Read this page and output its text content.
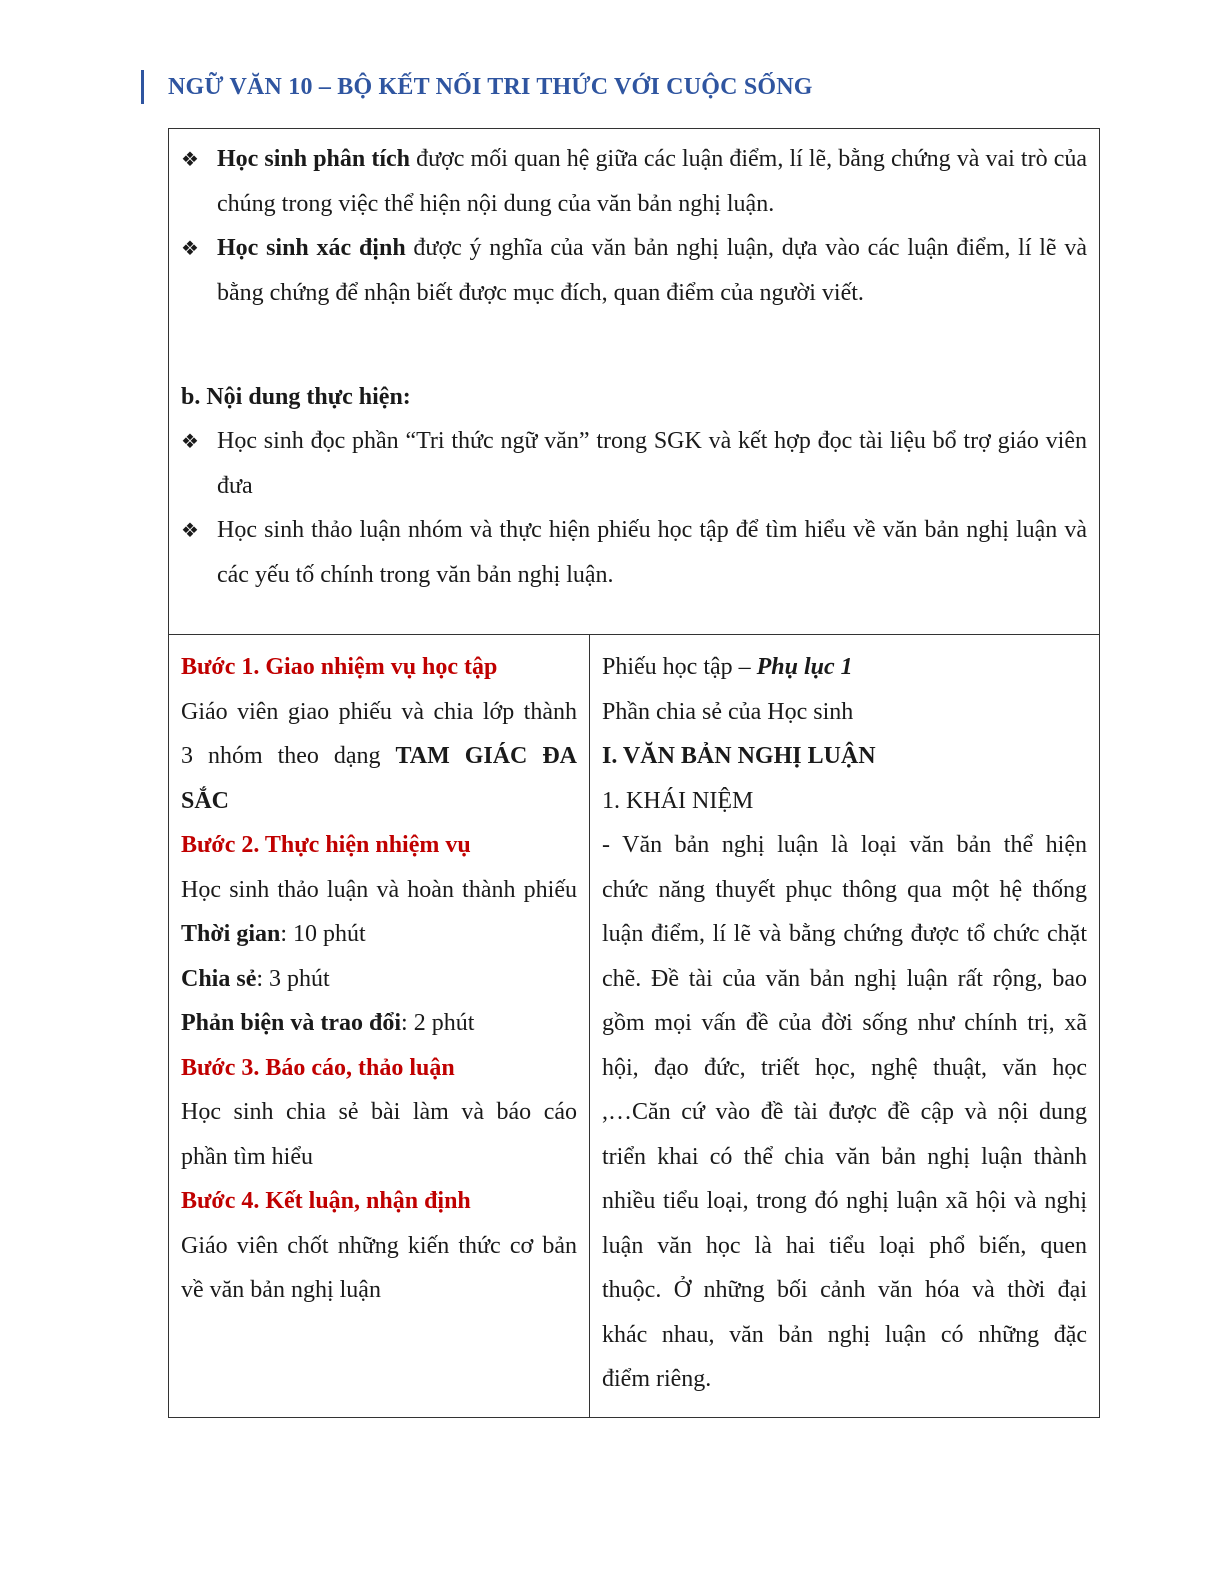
NGỮ VĂN 10 – BỘ KẾT NỐI TRI THỨC VỚI CUỘC SỐNG
❖ Học sinh phân tích được mối quan hệ giữa các luận điểm, lí lẽ, bằng chứng và vai trò của chúng trong việc thể hiện nội dung của văn bản nghị luận.
❖ Học sinh xác định được ý nghĩa của văn bản nghị luận, dựa vào các luận điểm, lí lẽ và bằng chứng để nhận biết được mục đích, quan điểm của người viết.
b. Nội dung thực hiện:
❖ Học sinh đọc phần “Tri thức ngữ văn” trong SGK và kết hợp đọc tài liệu bổ trợ giáo viên đưa
❖ Học sinh thảo luận nhóm và thực hiện phiếu học tập để tìm hiểu về văn bản nghị luận và các yếu tố chính trong văn bản nghị luận.
Bước 1. Giao nhiệm vụ học tập
Giáo viên giao phiếu và chia lớp thành
3 nhóm theo dạng TAM GIÁC ĐA
SẮC
Bước 2. Thực hiện nhiệm vụ
Học sinh thảo luận và hoàn thành phiếu
Thời gian: 10 phút
Chia sẻ: 3 phút
Phản biện và trao đổi: 2 phút
Bước 3. Báo cáo, thảo luận
Học sinh chia sẻ bài làm và báo cáo
phần tìm hiểu
Bước 4. Kết luận, nhận định
Giáo viên chốt những kiến thức cơ bản
về văn bản nghị luận
Phiếu học tập – Phụ lục 1
Phần chia sẻ của Học sinh
I. VĂN BẢN NGHỊ LUẬN
1. KHÁI NIỆM
- Văn bản nghị luận là loại văn bản thể hiện
chức năng thuyết phục thông qua một hệ thống
luận điểm, lí lẽ và bằng chứng được tổ chức chặt
chẽ. Đề tài của văn bản nghị luận rất rộng, bao
gồm mọi vấn đề của đời sống như chính trị, xã
hội, đạo đức, triết học, nghệ thuật, văn học
,…Căn cứ vào đề tài được đề cập và nội dung
triển khai có thể chia văn bản nghị luận thành
nhiều tiểu loại, trong đó nghị luận xã hội và nghị
luận văn học là hai tiểu loại phổ biến, quen
thuộc. Ở những bối cảnh văn hóa và thời đại
khác nhau, văn bản nghị luận có những đặc
điểm riêng.
